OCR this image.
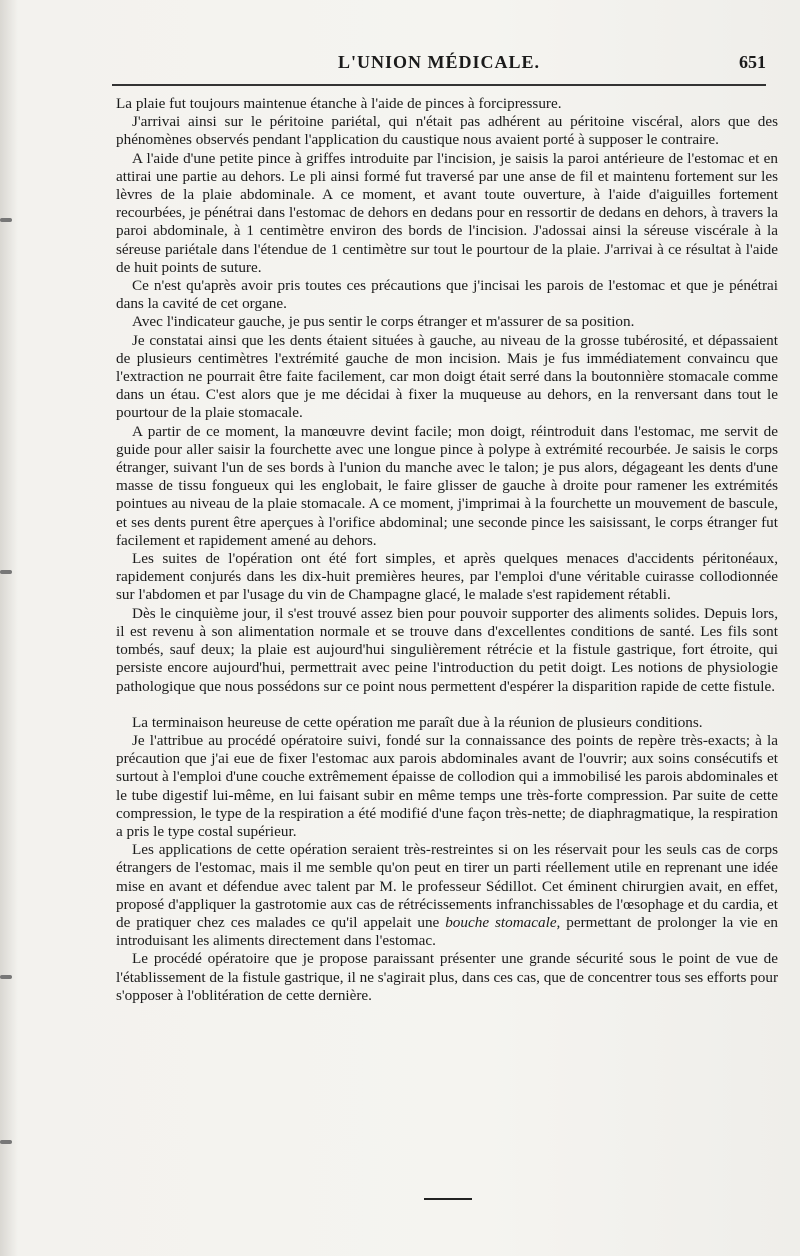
L'UNION MÉDICALE.	651

La plaie fut toujours maintenue étanche à l'aide de pinces à forcipressure.

J'arrivai ainsi sur le péritoine pariétal, qui n'était pas adhérent au péritoine viscéral, alors que des phénomènes observés pendant l'application du caustique nous avaient porté à supposer le contraire.

A l'aide d'une petite pince à griffes introduite par l'incision, je saisis la paroi antérieure de l'estomac et en attirai une partie au dehors. Le pli ainsi formé fut traversé par une anse de fil et maintenu fortement sur les lèvres de la plaie abdominale. A ce moment, et avant toute ouverture, à l'aide d'aiguilles fortement recourbées, je pénétrai dans l'estomac de dehors en dedans pour en ressortir de dedans en dehors, à travers la paroi abdominale, à 1 centimètre environ des bords de l'incision. J'adossai ainsi la séreuse viscérale à la séreuse pariétale dans l'étendue de 1 centimètre sur tout le pourtour de la plaie. J'arrivai à ce résultat à l'aide de huit points de suture.

Ce n'est qu'après avoir pris toutes ces précautions que j'incisai les parois de l'estomac et que je pénétrai dans la cavité de cet organe.

Avec l'indicateur gauche, je pus sentir le corps étranger et m'assurer de sa position.

Je constatai ainsi que les dents étaient situées à gauche, au niveau de la grosse tubérosité, et dépassaient de plusieurs centimètres l'extrémité gauche de mon incision. Mais je fus immédiatement convaincu que l'extraction ne pourrait être faite facilement, car mon doigt était serré dans la boutonnière stomacale comme dans un étau. C'est alors que je me décidai à fixer la muqueuse au dehors, en la renversant dans tout le pourtour de la plaie stomacale.

A partir de ce moment, la manœuvre devint facile; mon doigt, réintroduit dans l'estomac, me servit de guide pour aller saisir la fourchette avec une longue pince à polype à extrémité recourbée. Je saisis le corps étranger, suivant l'un de ses bords à l'union du manche avec le talon; je pus alors, dégageant les dents d'une masse de tissu fongueux qui les englobait, le faire glisser de gauche à droite pour ramener les extrémités pointues au niveau de la plaie stomacale. A ce moment, j'imprimai à la fourchette un mouvement de bascule, et ses dents purent être aperçues à l'orifice abdominal; une seconde pince les saisissant, le corps étranger fut facilement et rapidement amené au dehors.

Les suites de l'opération ont été fort simples, et après quelques menaces d'accidents péritonéaux, rapidement conjurés dans les dix-huit premières heures, par l'emploi d'une véritable cuirasse collodionnée sur l'abdomen et par l'usage du vin de Champagne glacé, le malade s'est rapidement rétabli.

Dès le cinquième jour, il s'est trouvé assez bien pour pouvoir supporter des aliments solides. Depuis lors, il est revenu à son alimentation normale et se trouve dans d'excellentes conditions de santé. Les fils sont tombés, sauf deux; la plaie est aujourd'hui singulièrement rétrécie et la fistule gastrique, fort étroite, qui persiste encore aujourd'hui, permettrait avec peine l'introduction du petit doigt. Les notions de physiologie pathologique que nous possédons sur ce point nous permettent d'espérer la disparition rapide de cette fistule.

La terminaison heureuse de cette opération me paraît due à la réunion de plusieurs conditions.

Je l'attribue au procédé opératoire suivi, fondé sur la connaissance des points de repère très-exacts; à la précaution que j'ai eue de fixer l'estomac aux parois abdominales avant de l'ouvrir; aux soins consécutifs et surtout à l'emploi d'une couche extrêmement épaisse de collodion qui a immobilisé les parois abdominales et le tube digestif lui-même, en lui faisant subir en même temps une très-forte compression. Par suite de cette compression, le type de la respiration a été modifié d'une façon très-nette; de diaphragmatique, la respiration a pris le type costal supérieur.

Les applications de cette opération seraient très-restreintes si on les réservait pour les seuls cas de corps étrangers de l'estomac, mais il me semble qu'on peut en tirer un parti réellement utile en reprenant une idée mise en avant et défendue avec talent par M. le professeur Sédillot. Cet éminent chirurgien avait, en effet, proposé d'appliquer la gastrotomie aux cas de rétrécissements infranchissables de l'œsophage et du cardia, et de pratiquer chez ces malades ce qu'il appelait une bouche stomacale, permettant de prolonger la vie en introduisant les aliments directement dans l'estomac.

Le procédé opératoire que je propose paraissant présenter une grande sécurité sous le point de vue de l'établissement de la fistule gastrique, il ne s'agirait plus, dans ces cas, que de concentrer tous ses efforts pour s'opposer à l'oblitération de cette dernière.
